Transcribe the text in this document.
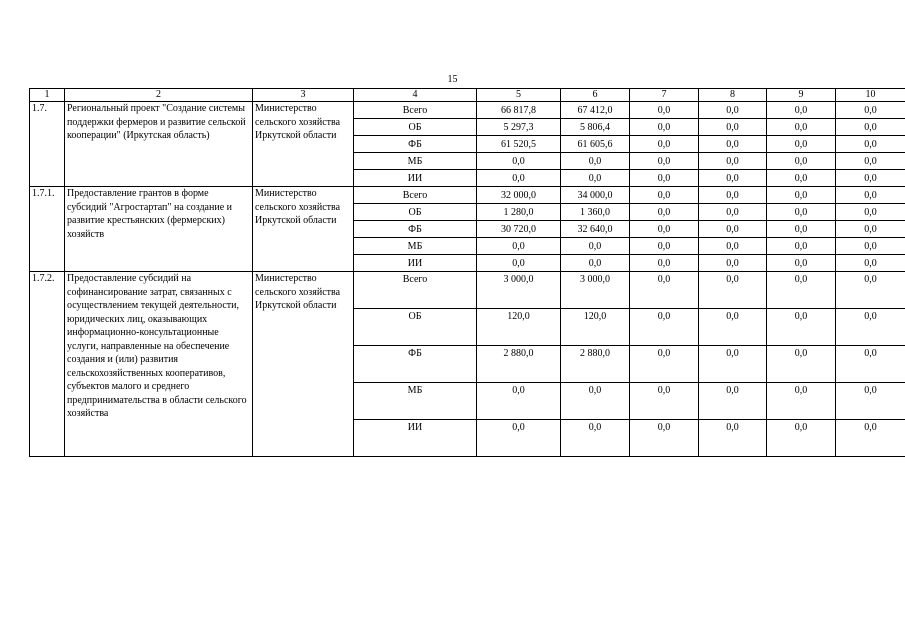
15
1	2	3	4	5	6	7	8	9	10
1.7.	Региональный проект "Создание системы поддержки фермеров и развитие сельской кооперации" (Иркутская область)	Министерство сельского хозяйства Иркутской области	Всего	66 817,8	67 412,0	0,0	0,0	0,0	0,0
			ОБ	5 297,3	5 806,4	0,0	0,0	0,0	0,0
			ФБ	61 520,5	61 605,6	0,0	0,0	0,0	0,0
			МБ	0,0	0,0	0,0	0,0	0,0	0,0
			ИИ	0,0	0,0	0,0	0,0	0,0	0,0
1.7.1.	Предоставление грантов в форме субсидий "Агростартап" на создание и развитие крестьянских (фермерских) хозяйств	Министерство сельского хозяйства Иркутской области	Всего	32 000,0	34 000,0	0,0	0,0	0,0	0,0
			ОБ	1 280,0	1 360,0	0,0	0,0	0,0	0,0
			ФБ	30 720,0	32 640,0	0,0	0,0	0,0	0,0
			МБ	0,0	0,0	0,0	0,0	0,0	0,0
			ИИ	0,0	0,0	0,0	0,0	0,0	0,0
1.7.2.	Предоставление субсидий на софинансирование затрат, связанных с осуществлением текущей деятельности, юридических лиц, оказывающих информационно-консультационные услуги, направленные на обеспечение создания и (или) развития сельскохозяйственных кооперативов, субъектов малого и среднего предпринимательства в области сельского хозяйства	Министерство сельского хозяйства Иркутской области	Всего	3 000,0	3 000,0	0,0	0,0	0,0	0,0
			ОБ	120,0	120,0	0,0	0,0	0,0	0,0
			ФБ	2 880,0	2 880,0	0,0	0,0	0,0	0,0
			МБ	0,0	0,0	0,0	0,0	0,0	0,0
			ИИ	0,0	0,0	0,0	0,0	0,0	0,0
